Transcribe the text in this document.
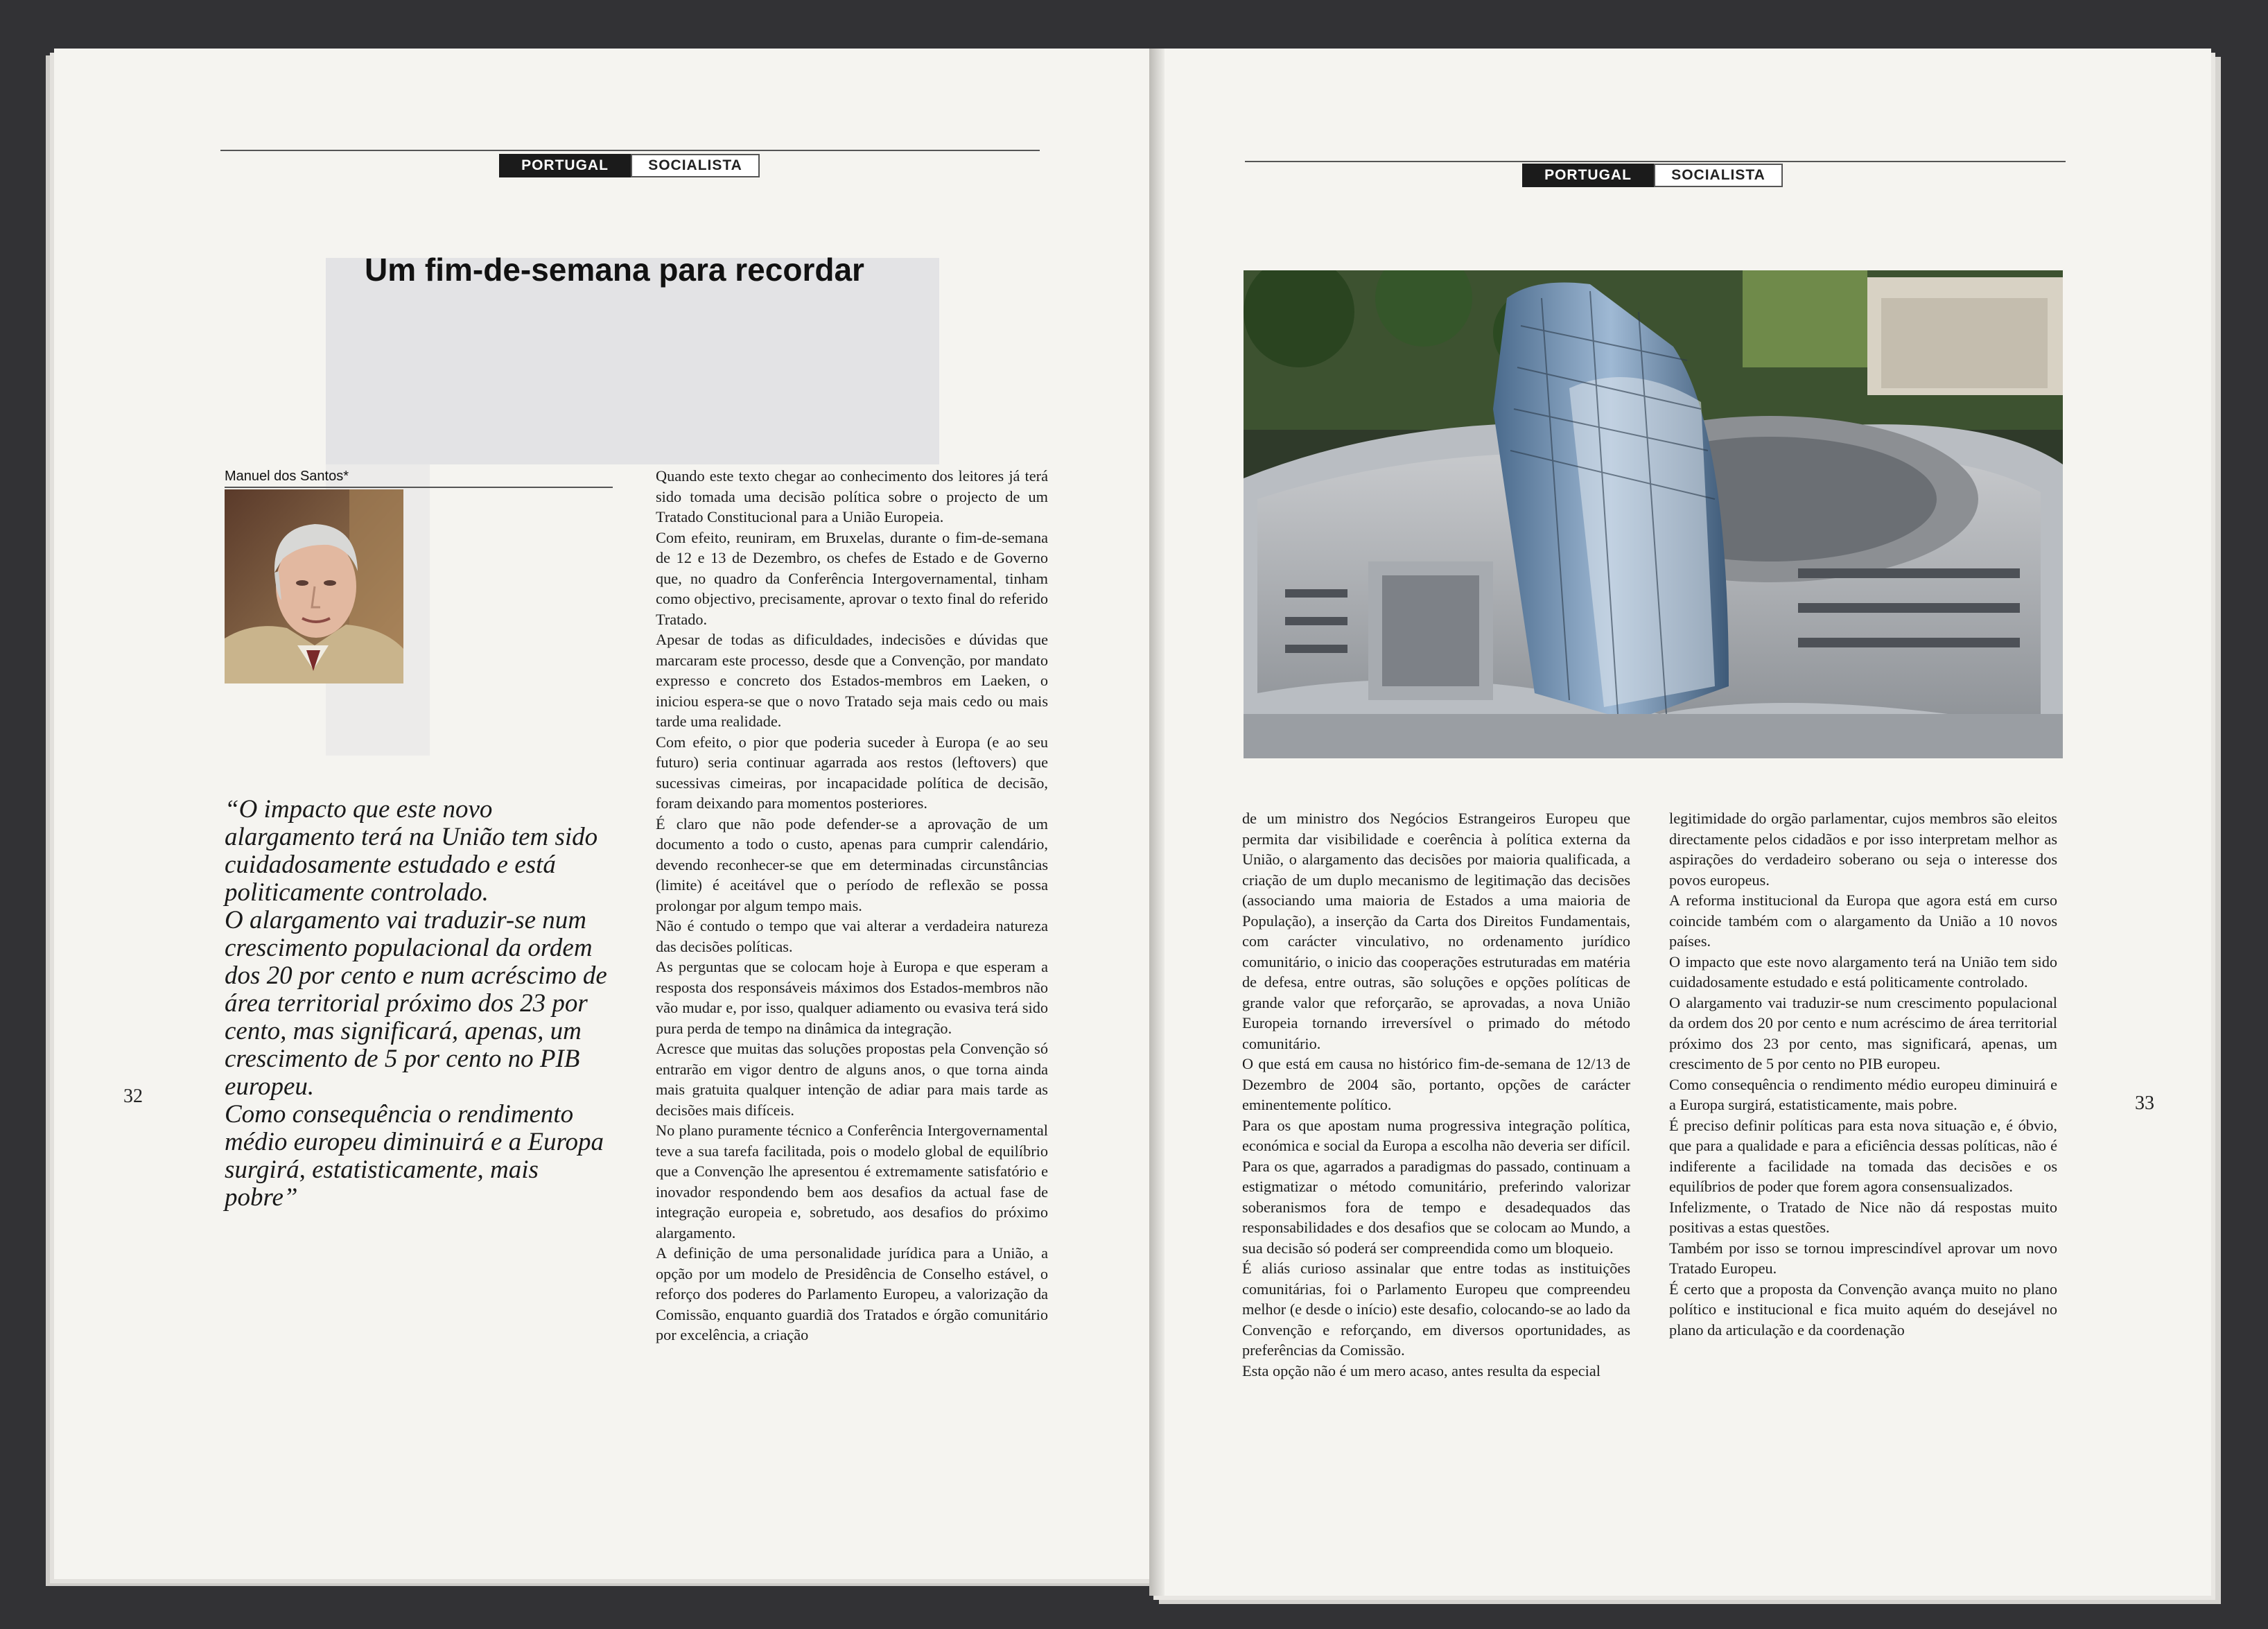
PORTUGAL	SOCIALISTA
Um fim-de-semana para recordar
Manuel dos Santos*

“O impacto que este novo alargamento terá na União tem sido cuidadosamente estudado e está politicamente controlado.

O alargamento vai traduzir-se num crescimento populacional da ordem dos 20 por cento e num acréscimo de área territorial próximo dos 23 por cento, mas significará, apenas, um crescimento de 5 por cento no PIB europeu.

Como consequência o rendimento médio europeu diminuirá e a Europa surgirá, estatisticamente, mais pobre”

Quando este texto chegar ao conhecimento dos leitores já terá sido tomada uma decisão política sobre o projecto de um Tratado Constitucional para a União Europeia.

Com efeito, reuniram, em Bruxelas, durante o fim-de-semana de 12 e 13 de Dezembro, os chefes de Estado e de Governo que, no quadro da Conferência Intergovernamental, tinham como objectivo, precisamente, aprovar o texto final do referido Tratado.

Apesar de todas as dificuldades, indecisões e dúvidas que marcaram este processo, desde que a Convenção, por mandato expresso e concreto dos Estados-membros em Laeken, o iniciou espera-se que o novo Tratado seja mais cedo ou mais tarde uma realidade.

Com efeito, o pior que poderia suceder à Europa (e ao seu futuro) seria continuar agarrada aos restos (leftovers) que sucessivas cimeiras, por incapacidade política de decisão, foram deixando para momentos posteriores.

É claro que não pode defender-se a aprovação de um documento a todo o custo, apenas para cumprir calendário, devendo reconhecer-se que em determinadas circunstâncias (limite) é aceitável que o período de reflexão se possa prolongar por algum tempo mais.

Não é contudo o tempo que vai alterar a verdadeira natureza das decisões políticas.

As perguntas que se colocam hoje à Europa e que esperam a resposta dos responsáveis máximos dos Estados-membros não vão mudar e, por isso, qualquer adiamento ou evasiva terá sido pura perda de tempo na dinâmica da integração.

Acresce que muitas das soluções propostas pela Convenção só entrarão em vigor dentro de alguns anos, o que torna ainda mais gratuita qualquer intenção de adiar para mais tarde as decisões mais difíceis.

No plano puramente técnico a Conferência Intergovernamental teve a sua tarefa facilitada, pois o modelo global de equilíbrio que a Convenção lhe apresentou é extremamente satisfatório e inovador respondendo bem aos desafios da actual fase de integração europeia e, sobretudo, aos desafios do próximo alargamento.

A definição de uma personalidade jurídica para a União, a opção por um modelo de Presidência de Conselho estável, o reforço dos poderes do Parlamento Europeu, a valorização da Comissão, enquanto guardiã dos Tratados e órgão comunitário por excelência, a criação

32
PORTUGAL	SOCIALISTA

de um ministro dos Negócios Estrangeiros Europeu que permita dar visibilidade e coerência à política externa da União, o alargamento das decisões por maioria qualificada, a criação de um duplo mecanismo de legitimação das decisões (associando uma maioria de Estados a uma maioria de População), a inserção da Carta dos Direitos Fundamentais, com carácter vinculativo, no ordenamento jurídico comunitário, o inicio das cooperações estruturadas em matéria de defesa, entre outras, são soluções e opções políticas de grande valor que reforçarão, se aprovadas, a nova União Europeia tornando irreversível o primado do método comunitário.

O que está em causa no histórico fim-de-semana de 12/13 de Dezembro de 2004 são, portanto, opções de carácter eminentemente político.

Para os que apostam numa progressiva integração política, económica e social da Europa a escolha não deveria ser difícil. Para os que, agarrados a paradigmas do passado, continuam a estigmatizar o método comunitário, preferindo valorizar soberanismos fora de tempo e desadequados das responsabilidades e dos desafios que se colocam ao Mundo, a sua decisão só poderá ser compreendida como um bloqueio.

É aliás curioso assinalar que entre todas as instituições comunitárias, foi o Parlamento Europeu que compreendeu melhor (e desde o início) este desafio, colocando-se ao lado da Convenção e reforçando, em diversos oportunidades, as preferências da Comissão.

Esta opção não é um mero acaso, antes resulta da especial

legitimidade do orgão parlamentar, cujos membros são eleitos directamente pelos cidadãos e por isso interpretam melhor as aspirações do verdadeiro soberano ou seja o interesse dos povos europeus.

A reforma institucional da Europa que agora está em curso coincide também com o alargamento da União a 10 novos países.

O impacto que este novo alargamento terá na União tem sido cuidadosamente estudado e está politicamente controlado.

O alargamento vai traduzir-se num crescimento populacional da ordem dos 20 por cento e num acréscimo de área territorial próximo dos 23 por cento, mas significará, apenas, um crescimento de 5 por cento no PIB europeu.

Como consequência o rendimento médio europeu diminuirá e a Europa surgirá, estatisticamente, mais pobre.

É preciso definir políticas para esta nova situação e, é óbvio, que para a qualidade e para a eficiência dessas políticas, não é indiferente a facilidade na tomada das decisões e os equilíbrios de poder que forem agora consensualizados.

Infelizmente, o Tratado de Nice não dá respostas muito positivas a estas questões.

Também por isso se tornou imprescindível aprovar um novo Tratado Europeu.

É certo que a proposta da Convenção avança muito no plano político e institucional e fica muito aquém do desejável no plano da articulação e da coordenação

33
